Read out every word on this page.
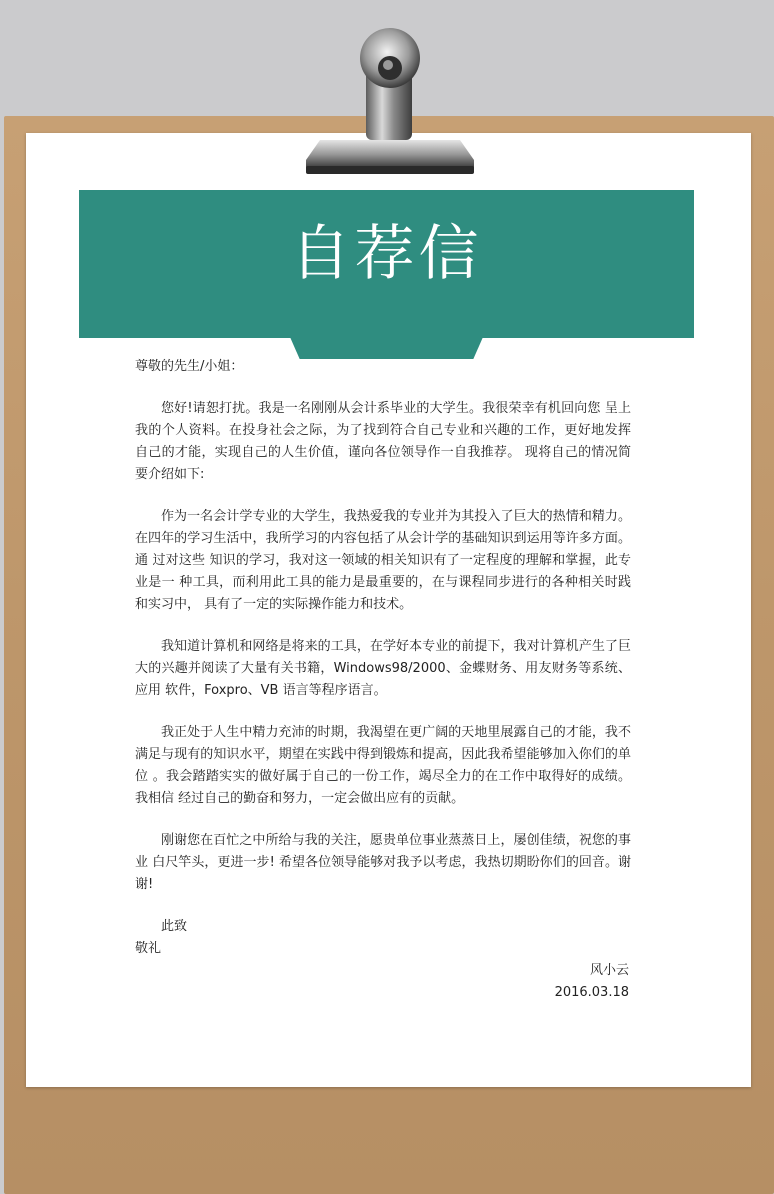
自荐信

尊敬的先生/小姐：

您好!请恕打扰。我是一名刚刚从会计系毕业的大学生。我很荣幸有机回向您 呈上我的个人资料。在投身社会之际，为了找到符合自己专业和兴趣的工作，更好地发挥 自己的才能，实现自己的人生价值，谨向各位领导作一自我推荐。 现将自己的情况简要介绍如下:

作为一名会计学专业的大学生，我热爱我的专业并为其投入了巨大的热情和精力。 在四年的学习生活中，我所学习的内容包括了从会计学的基础知识到运用等许多方面。通 过对这些 知识的学习，我对这一领域的相关知识有了一定程度的理解和掌握，此专业是一 种工具，而利用此工具的能力是最重要的，在与课程同步进行的各种相关时践和实习中， 具有了一定的实际操作能力和技术。

我知道计算机和网络是将来的工具，在学好本专业的前提下，我对计算机产生了巨 大的兴趣并阅读了大量有关书籍，Windows98/2000、金蝶财务、用友财务等系统、应用 软件，Foxpro、VB 语言等程序语言。

我正处于人生中精力充沛的时期，我渴望在更广阔的天地里展露自己的才能，我不 满足与现有的知识水平，期望在实践中得到锻炼和提高，因此我希望能够加入你们的单位 。我会踏踏实实的做好属于自己的一份工作，竭尽全力的在工作中取得好的成绩。我相信 经过自己的勤奋和努力，一定会做出应有的贡献。

刚谢您在百忙之中所给与我的关注，愿贵单位事业蒸蒸日上，屡创佳绩，祝您的事业 白尺竿头，更进一步! 希望各位领导能够对我予以考虑，我热切期盼你们的回音。谢谢!

此致

敬礼

风小云

2016.03.18
